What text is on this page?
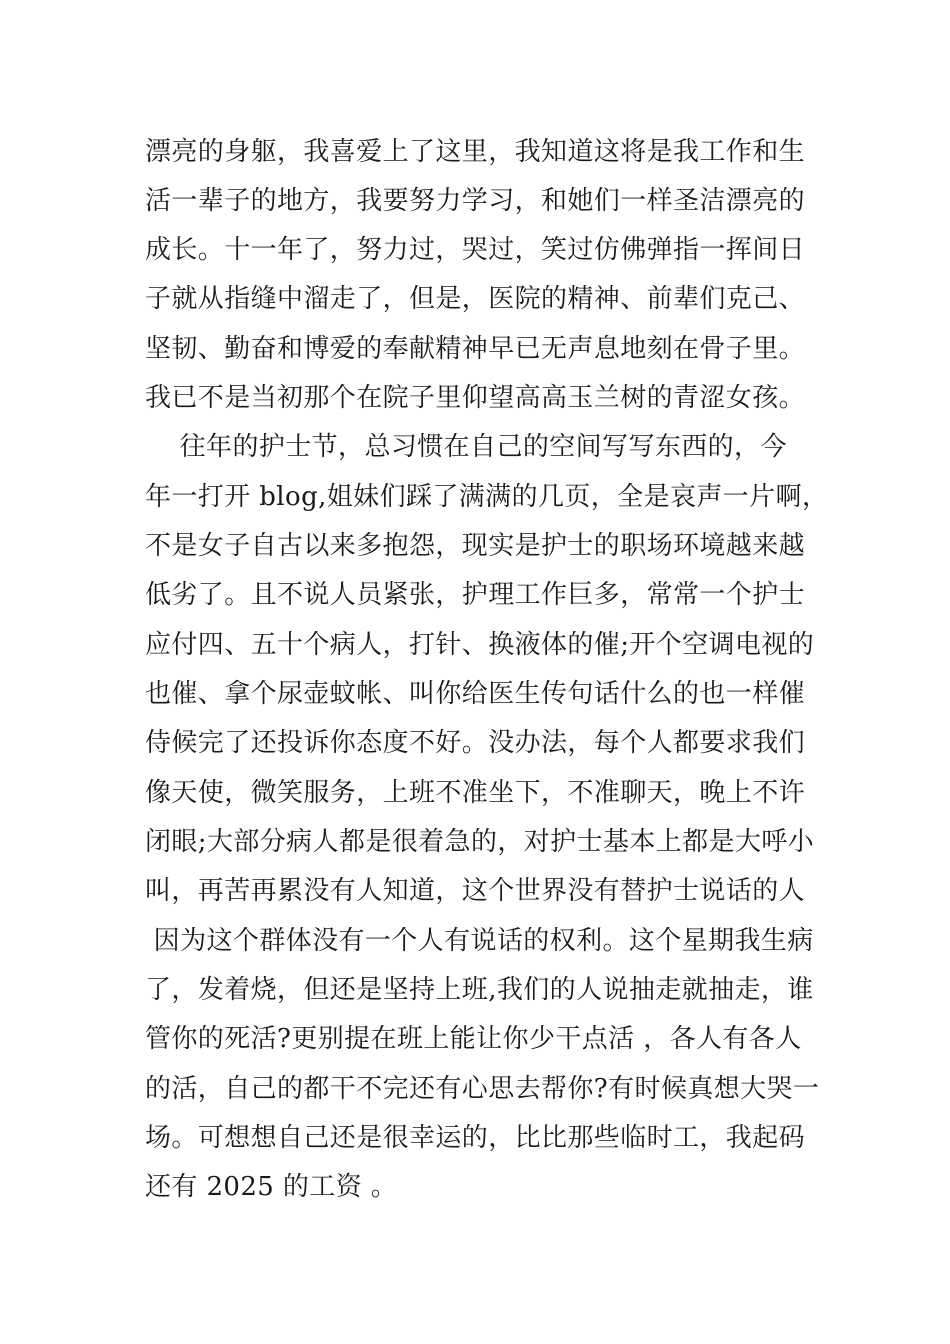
漂亮的身躯，我喜爱上了这里，我知道这将是我工作和生
活一辈子的地方，我要努力学习，和她们一样圣洁漂亮的
成长。十一年了，努力过，哭过，笑过仿佛弹指一挥间日
子就从指缝中溜走了，但是，医院的精神、前辈们克己、
坚韧、勤奋和博爱的奉献精神早已无声息地刻在骨子里。
我已不是当初那个在院子里仰望高高玉兰树的青涩女孩。
往年的护士节，总习惯在自己的空间写写东西的，今
年一打开 blog,姐妹们踩了满满的几页，全是哀声一片啊，
不是女子自古以来多抱怨，现实是护士的职场环境越来越
低劣了。且不说人员紧张，护理工作巨多，常常一个护士
应付四、五十个病人，打针、换液体的催;开个空调电视的
也催、拿个尿壶蚊帐、叫你给医生传句话什么的也一样催
侍候完了还投诉你态度不好。没办法，每个人都要求我们
像天使，微笑服务，上班不准坐下，不准聊天，晚上不许
闭眼;大部分病人都是很着急的，对护士基本上都是大呼小
叫，再苦再累没有人知道，这个世界没有替护士说话的人
因为这个群体没有一个人有说话的权利。这个星期我生病
了，发着烧，但还是坚持上班,我们的人说抽走就抽走，谁
管你的死活?更别提在班上能让你少干点活 ，各人有各人
的活，自己的都干不完还有心思去帮你?有时候真想大哭一
场。可想想自己还是很幸运的，比比那些临时工，我起码
还有 2025 的工资 。
